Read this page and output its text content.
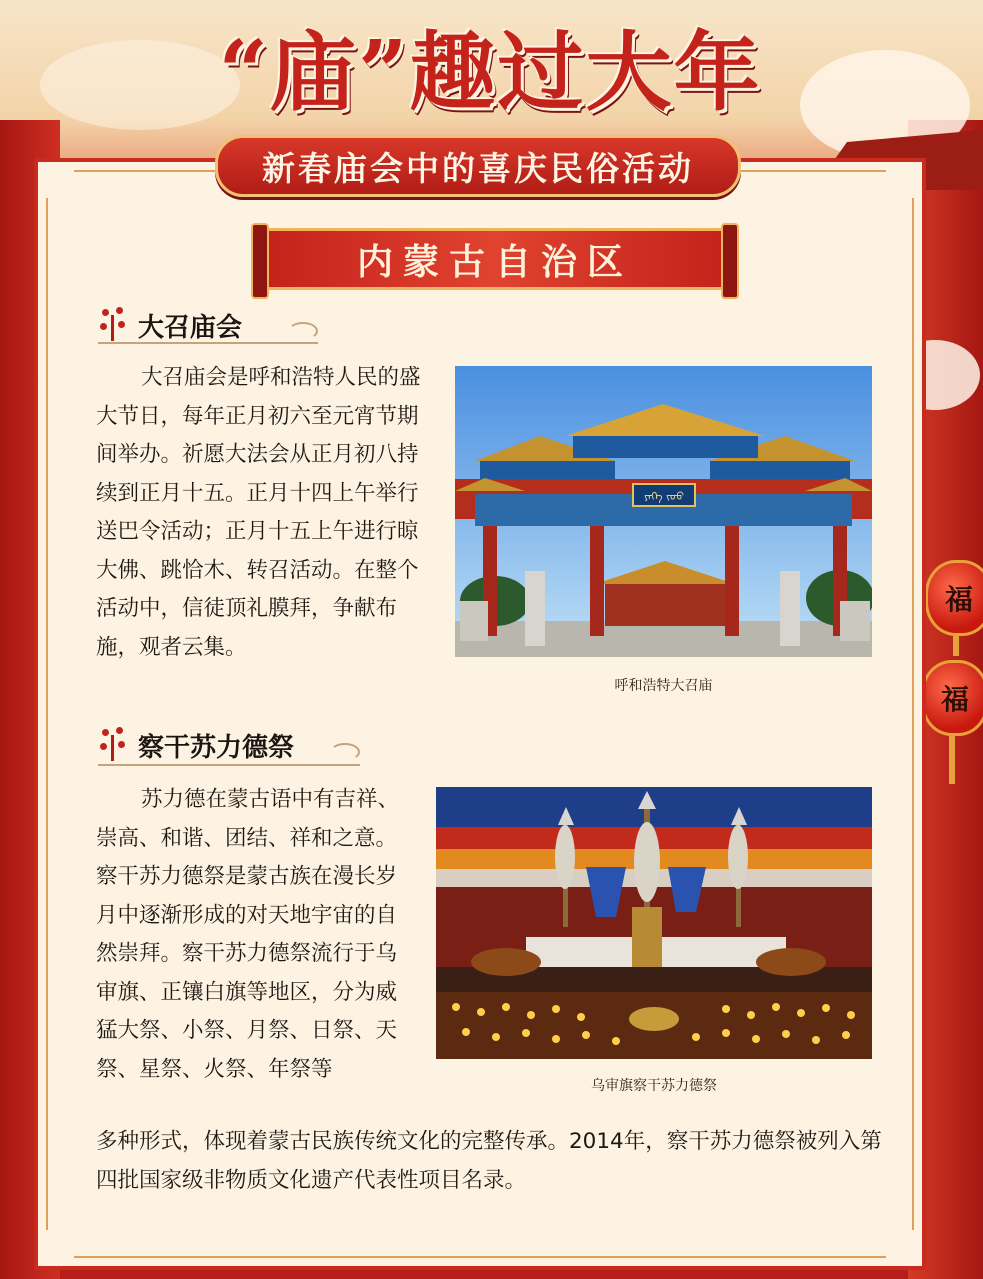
福
福
“庙”趣过大年
新春庙会中的喜庆民俗活动
内蒙古自治区
大召庙会

大召庙会是呼和浩特人民的盛大节日，每年正月初六至元宵节期间举办。祈愿大法会从正月初八持续到正月十五。正月十四上午举行送巴令活动；正月十五上午进行晾大佛、跳恰木、转召活动。在整个活动中，信徒顶礼膜拜，争献布施，观者云集。

ᠶᠡᠬᠡ ᠵᠤᠤ
呼和浩特大召庙
察干苏力德祭

苏力德在蒙古语中有吉祥、崇高、和谐、团结、祥和之意。察干苏力德祭是蒙古族在漫长岁月中逐渐形成的对天地宇宙的自然崇拜。察干苏力德祭流行于乌审旗、正镶白旗等地区，分为威猛大祭、小祭、月祭、日祭、天祭、星祭、火祭、年祭等

多种形式，体现着蒙古民族传统文化的完整传承。2014年，察干苏力德祭被列入第四批国家级非物质文化遗产代表性项目名录。

乌审旗察干苏力德祭
